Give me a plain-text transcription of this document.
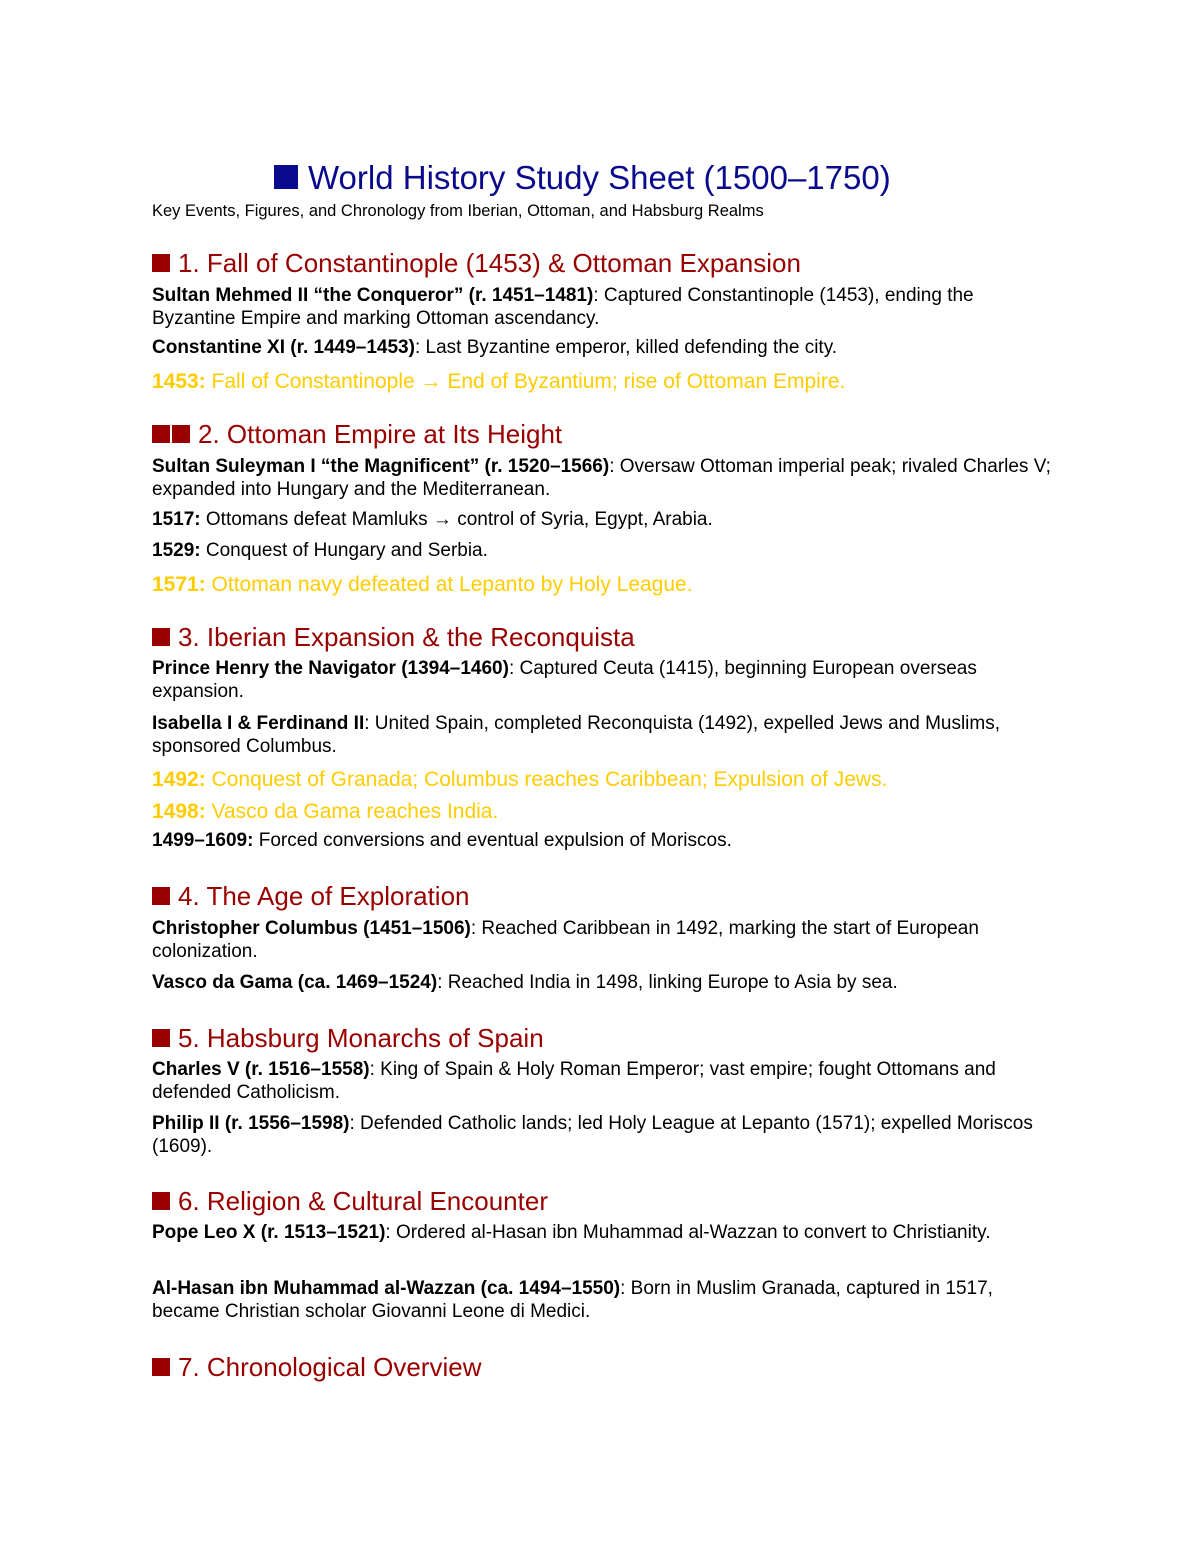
World History Study Sheet (1500–1750)
Key Events, Figures, and Chronology from Iberian, Ottoman, and Habsburg Realms
1. Fall of Constantinople (1453) & Ottoman Expansion
Sultan Mehmed II “the Conqueror” (r. 1451–1481): Captured Constantinople (1453), ending the Byzantine Empire and marking Ottoman ascendancy.
Constantine XI (r. 1449–1453): Last Byzantine emperor, killed defending the city.
1453: Fall of Constantinople → End of Byzantium; rise of Ottoman Empire.
2. Ottoman Empire at Its Height
Sultan Suleyman I “the Magnificent” (r. 1520–1566): Oversaw Ottoman imperial peak; rivaled Charles V; expanded into Hungary and the Mediterranean.
1517: Ottomans defeat Mamluks → control of Syria, Egypt, Arabia.
1529: Conquest of Hungary and Serbia.
1571: Ottoman navy defeated at Lepanto by Holy League.
3. Iberian Expansion & the Reconquista
Prince Henry the Navigator (1394–1460): Captured Ceuta (1415), beginning European overseas expansion.
Isabella I & Ferdinand II: United Spain, completed Reconquista (1492), expelled Jews and Muslims, sponsored Columbus.
1492: Conquest of Granada; Columbus reaches Caribbean; Expulsion of Jews.
1498: Vasco da Gama reaches India.
1499–1609: Forced conversions and eventual expulsion of Moriscos.
4. The Age of Exploration
Christopher Columbus (1451–1506): Reached Caribbean in 1492, marking the start of European colonization.
Vasco da Gama (ca. 1469–1524): Reached India in 1498, linking Europe to Asia by sea.
5. Habsburg Monarchs of Spain
Charles V (r. 1516–1558): King of Spain & Holy Roman Emperor; vast empire; fought Ottomans and defended Catholicism.
Philip II (r. 1556–1598): Defended Catholic lands; led Holy League at Lepanto (1571); expelled Moriscos (1609).
6. Religion & Cultural Encounter
Pope Leo X (r. 1513–1521): Ordered al-Hasan ibn Muhammad al-Wazzan to convert to Christianity.
Al-Hasan ibn Muhammad al-Wazzan (ca. 1494–1550): Born in Muslim Granada, captured in 1517, became Christian scholar Giovanni Leone di Medici.
7. Chronological Overview
